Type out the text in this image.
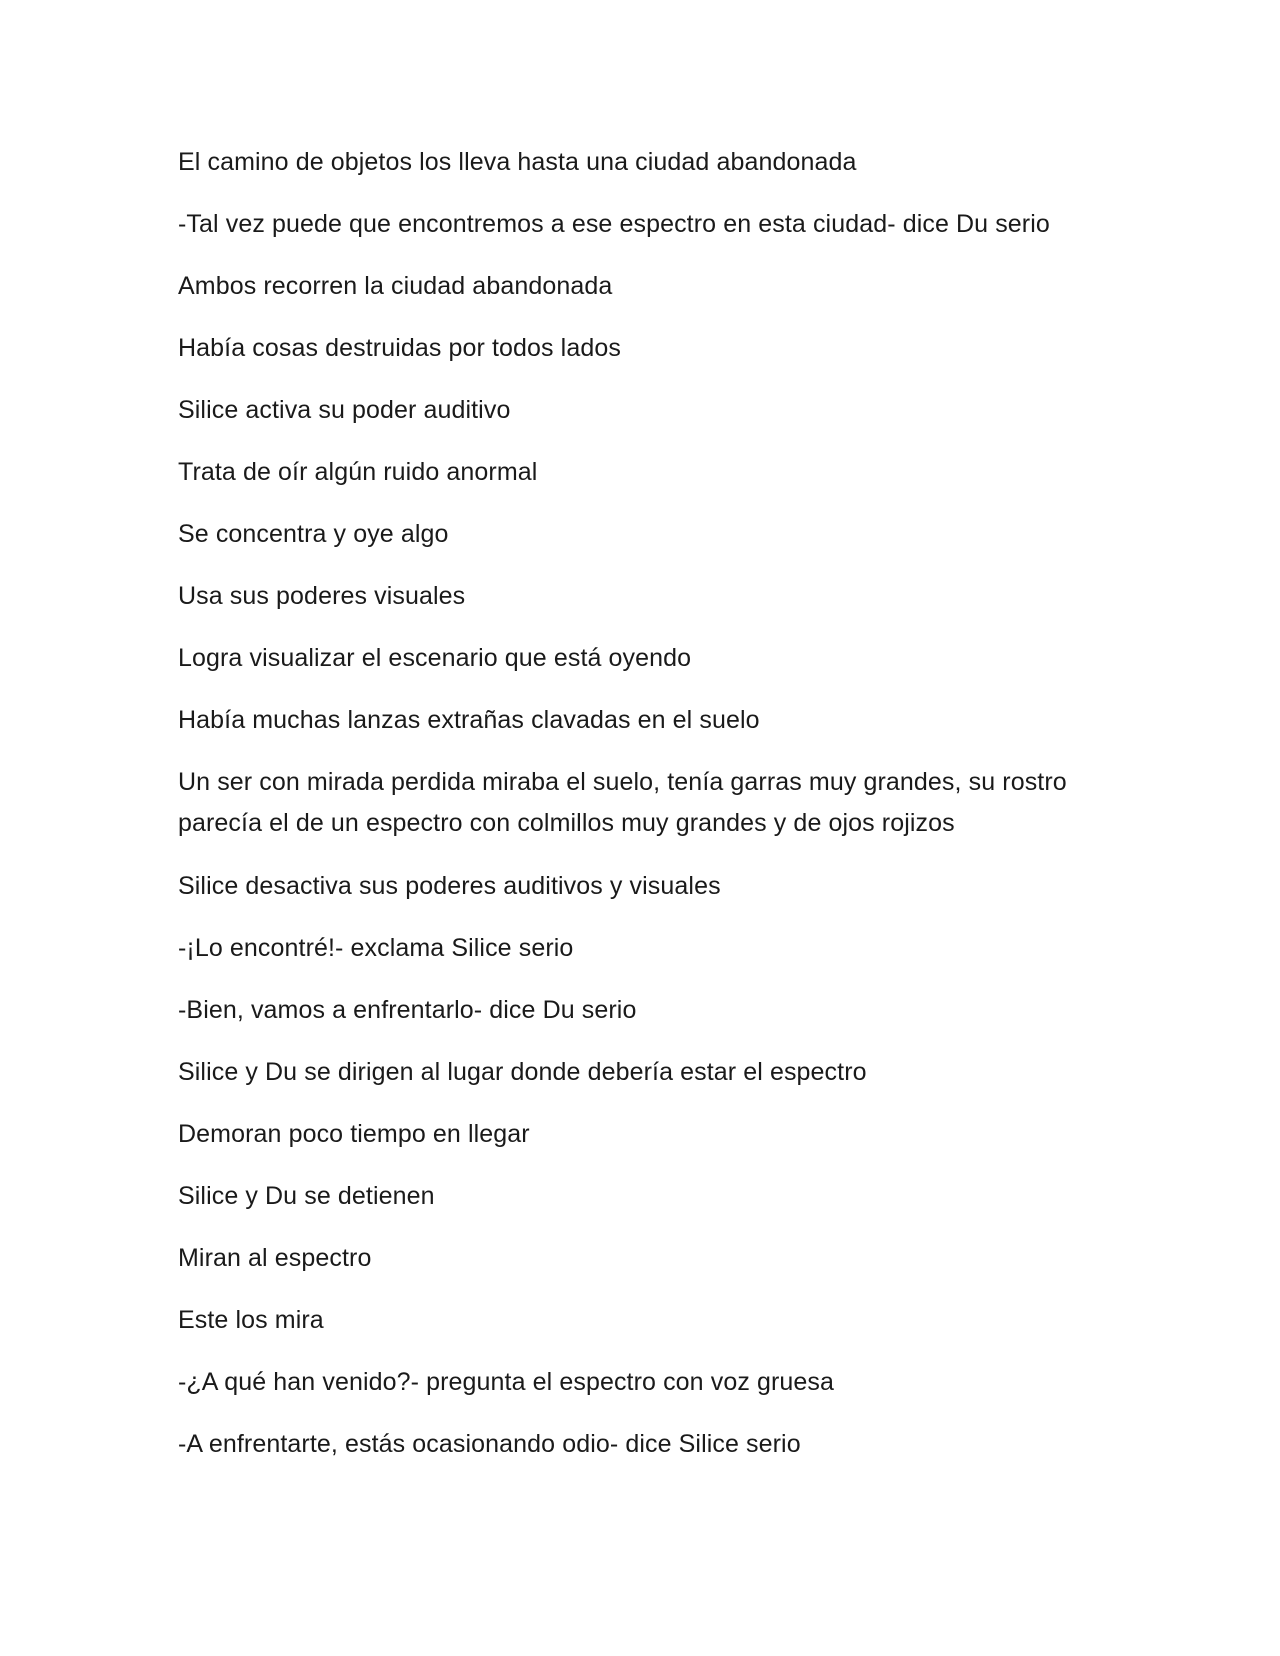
El camino de objetos los lleva hasta una ciudad abandonada

-Tal vez puede que encontremos a ese espectro en esta ciudad- dice Du serio

Ambos recorren la ciudad abandonada

Había cosas destruidas por todos lados

Silice activa su poder auditivo

Trata de oír algún ruido anormal

Se concentra y oye algo

Usa sus poderes visuales

Logra visualizar el escenario que está oyendo

Había muchas lanzas extrañas clavadas en el suelo

Un ser con mirada perdida miraba el suelo, tenía garras muy grandes, su rostro parecía el de un espectro con colmillos muy grandes y de ojos rojizos

Silice desactiva sus poderes auditivos y visuales

-¡Lo encontré!- exclama Silice serio

-Bien, vamos a enfrentarlo- dice Du serio

Silice y Du se dirigen al lugar donde debería estar el espectro

Demoran poco tiempo en llegar

Silice y Du se detienen

Miran al espectro

Este los mira

-¿A qué han venido?- pregunta el espectro con voz gruesa

-A enfrentarte, estás ocasionando odio- dice Silice serio
